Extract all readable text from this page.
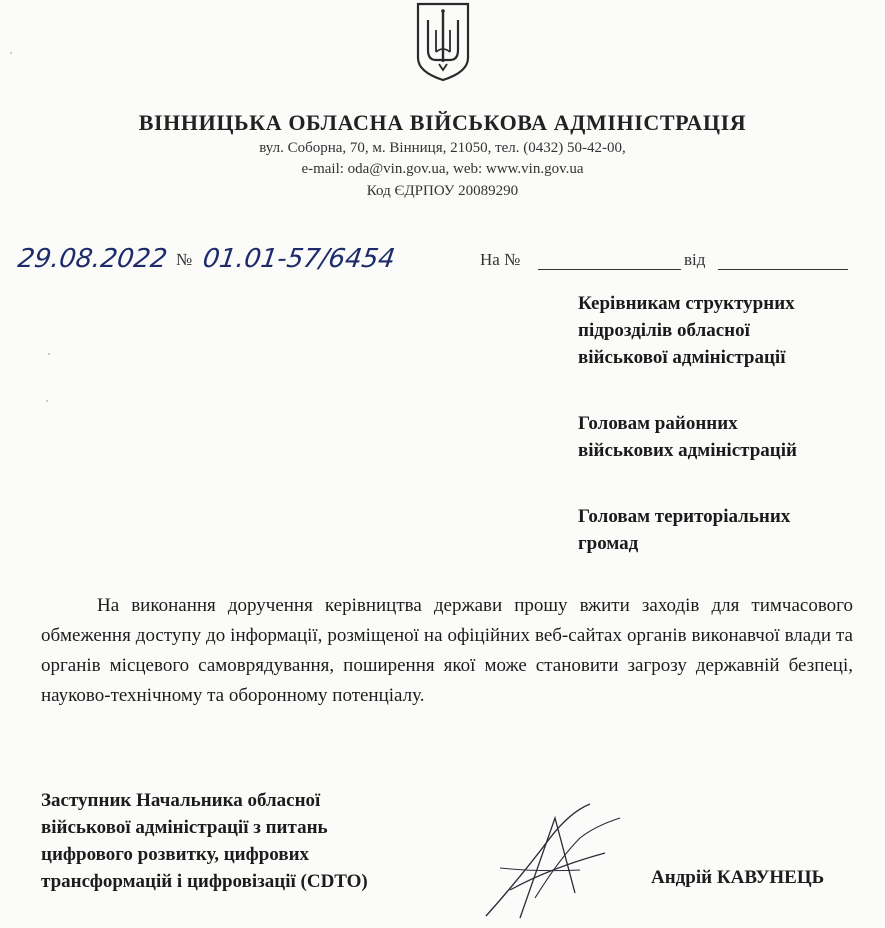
ВІННИЦЬКА ОБЛАСНА ВІЙСЬКОВА АДМІНІСТРАЦІЯ
вул. Соборна, 70, м. Вінниця, 21050, тел. (0432) 50-42-00,
e-mail: oda@vin.gov.ua, web: www.vin.gov.ua
Код ЄДРПОУ 20089290
29.08.2022 № 01.01-57/6454	На №	від
Керівникам структурних
підрозділів обласної
військової адміністрації
Головам районних
військових адміністрацій
Головам територіальних
громад
На виконання доручення керівництва держави прошу вжити заходів для тимчасового обмеження доступу до інформації, розміщеної на офіційних веб-сайтах органів виконавчої влади та органів місцевого самоврядування, поширення якої може становити загрозу державній безпеці, науково-технічному та оборонному потенціалу.
Заступник Начальника обласної
військової адміністрації з питань
цифрового розвитку, цифрових
трансформацій і цифровізації (CDTO)	Андрій КАВУНЕЦЬ
